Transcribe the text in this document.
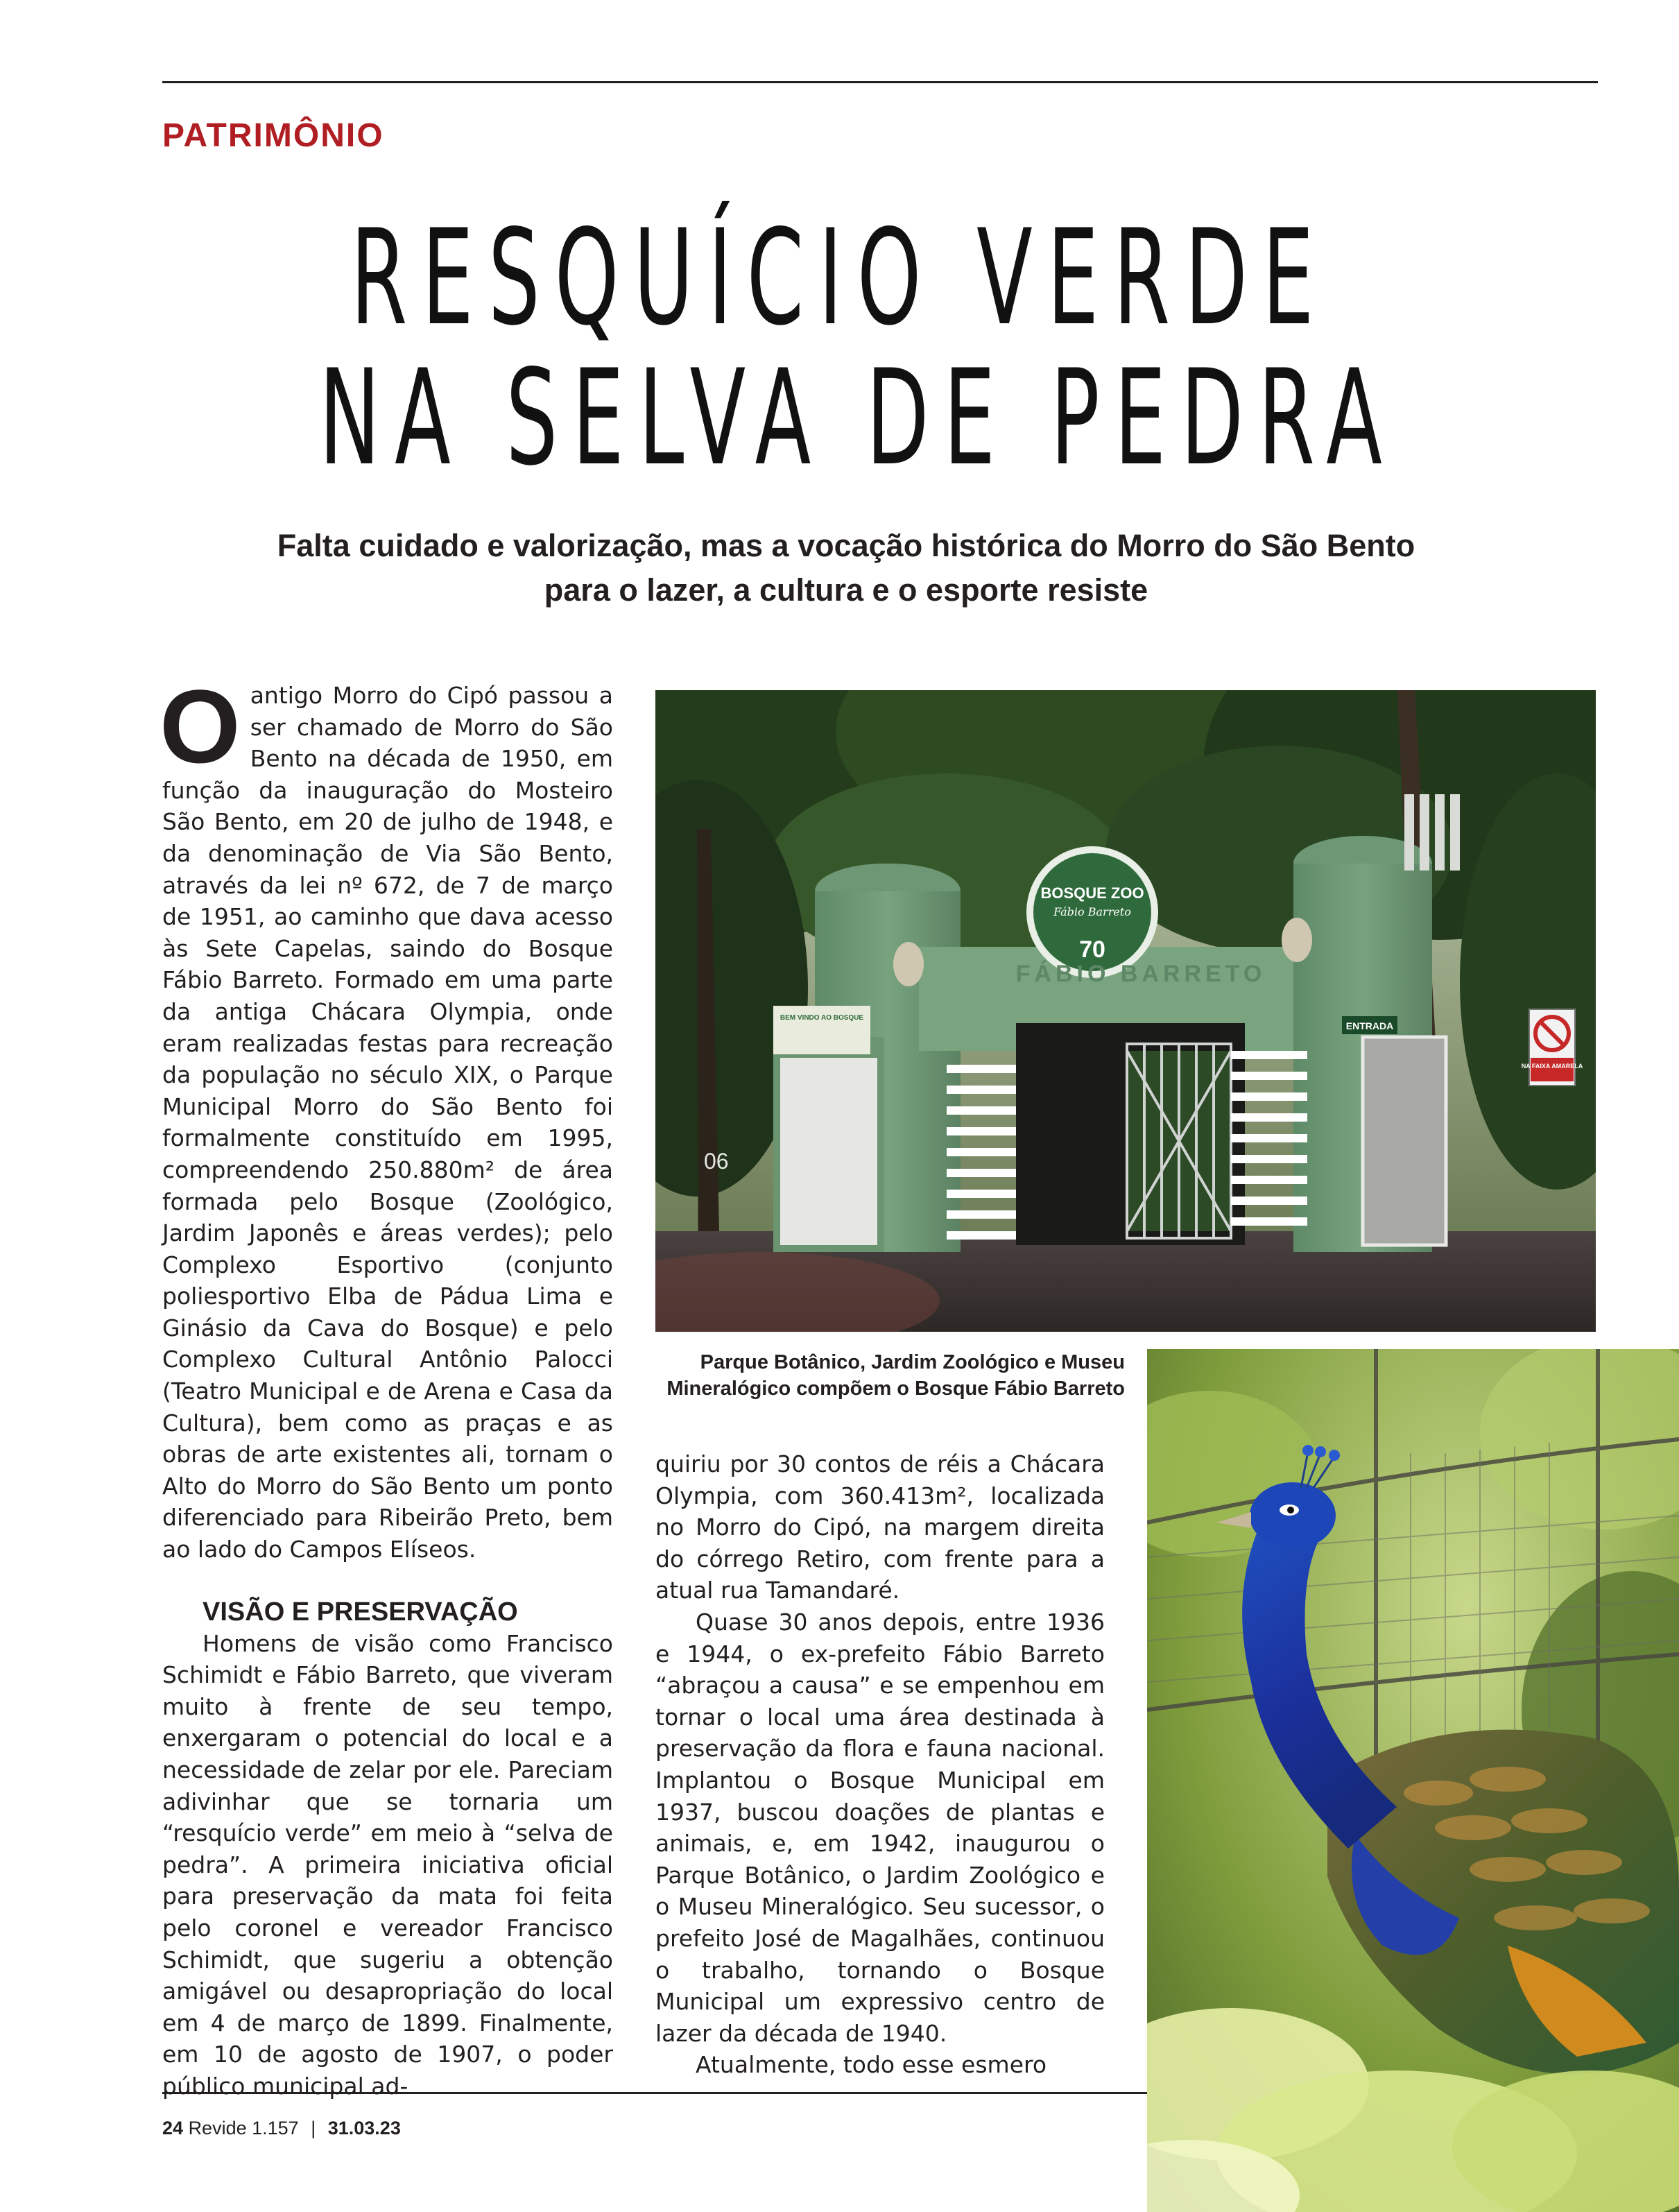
PATRIMÔNIO
RESQUÍCIO VERDE
NA SELVA DE PEDRA
Falta cuidado e valorização, mas a vocação histórica do Morro do São Bento
para o lazer, a cultura e o esporte resiste

Oantigo Morro do Cipó passou a ser chamado de Morro do São Bento na década de 1950, em função da inauguração do Mosteiro São Bento, em 20 de julho de 1948, e da denominação de Via São Bento, através da lei nº 672, de 7 de março de 1951, ao caminho que dava acesso às Sete Capelas, saindo do Bosque Fábio Barreto. Formado em uma parte da antiga Chácara Olympia, onde eram realizadas festas para recreação da população no século XIX, o Parque Municipal Morro do São Bento foi formalmente constituído em 1995, compreendendo 250.880m² de área formada pelo Bosque (Zoológico, Jardim Japonês e áreas verdes); pelo Complexo Esportivo (conjunto poliesportivo Elba de Pádua Lima e Ginásio da Cava do Bosque) e pelo Complexo Cultural Antônio Palocci (Teatro Municipal e de Arena e Casa da Cultura), bem como as praças e as obras de arte existentes ali, tornam o Alto do Morro do São Bento um ponto diferenciado para Ribeirão Preto, bem ao lado do Campos Elíseos.

VISÃO E PRESERVAÇÃO

Homens de visão como Francisco Schimidt e Fábio Barreto, que viveram muito à frente de seu tempo, enxergaram o potencial do local e a necessidade de zelar por ele. Pareciam adivinhar que se tornaria um “resquício verde” em meio à “selva de pedra”. A primeira iniciativa oficial para preservação da mata foi feita pelo coronel e vereador Francisco Schimidt, que sugeriu a obtenção amigável ou desapropriação do local em 4 de março de 1899. Finalmente, em 10 de agosto de 1907, o poder público municipal ad-

BOSQUE ZOO
Fábio Barreto
70
FÁBIO BARRETO
BEM VINDO AO BOSQUE
ENTRADA
NA FAIXA AMARELA
06

Parque Botânico, Jardim Zoológico e Museu
Mineralógico compõem o Bosque Fábio Barreto

quiriu por 30 contos de réis a Chácara Olympia, com 360.413m², localizada no Morro do Cipó, na margem direita do córrego Retiro, com frente para a atual rua Tamandaré.

Quase 30 anos depois, entre 1936 e 1944, o ex-prefeito Fábio Barreto “abraçou a causa” e se empenhou em tornar o local uma área destinada à preservação da flora e fauna nacional. Implantou o Bosque Municipal em 1937, buscou doações de plantas e animais, e, em 1942, inaugurou o Parque Botânico, o Jardim Zoológico e o Museu Mineralógico. Seu sucessor, o prefeito José de Magalhães, continuou o trabalho, tornando o Bosque Municipal um expressivo centro de lazer da década de 1940.

Atualmente, todo esse esmero

24 Revide 1.157 | 31.03.23
